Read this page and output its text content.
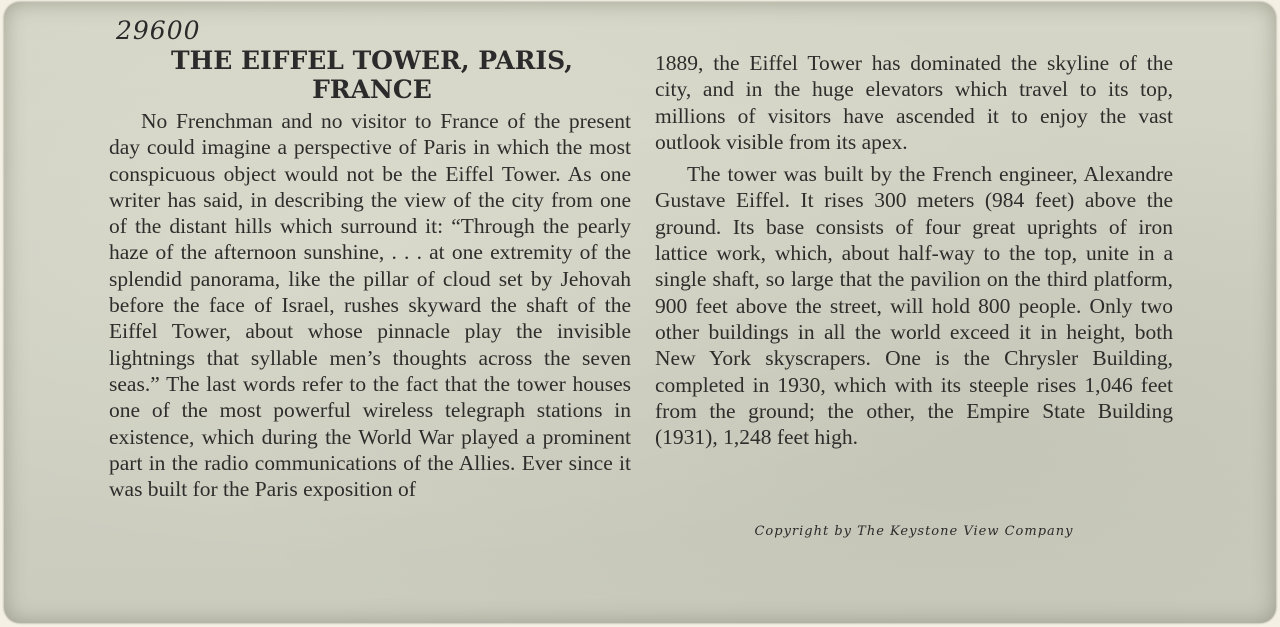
29600
THE EIFFEL TOWER, PARIS,
FRANCE

No Frenchman and no visitor to France of the present day could imagine a perspective of Paris in which the most conspicuous object would not be the Eiffel Tower. As one writer has said, in describing the view of the city from one of the distant hills which surround it: “Through the pearly haze of the afternoon sunshine, . . . at one extremity of the splendid panorama, like the pillar of cloud set by Jehovah before the face of Israel, rushes skyward the shaft of the Eiffel Tower, about whose pinnacle play the invisible lightnings that syllable men’s thoughts across the seven seas.” The last words refer to the fact that the tower houses one of the most powerful wireless telegraph stations in existence, which during the World War played a prominent part in the radio communications of the Allies. Ever since it was built for the Paris exposition of

1889, the Eiffel Tower has dominated the skyline of the city, and in the huge elevators which travel to its top, millions of visitors have ascended it to enjoy the vast outlook visible from its apex.

The tower was built by the French engineer, Alexandre Gustave Eiffel. It rises 300 meters (984 feet) above the ground. Its base consists of four great uprights of iron lattice work, which, about half-way to the top, unite in a single shaft, so large that the pavilion on the third platform, 900 feet above the street, will hold 800 people. Only two other buildings in all the world exceed it in height, both New York skyscrapers. One is the Chrysler Building, completed in 1930, which with its steeple rises 1,046 feet from the ground; the other, the Empire State Building (1931), 1,248 feet high.

Copyright by The Keystone View Company
